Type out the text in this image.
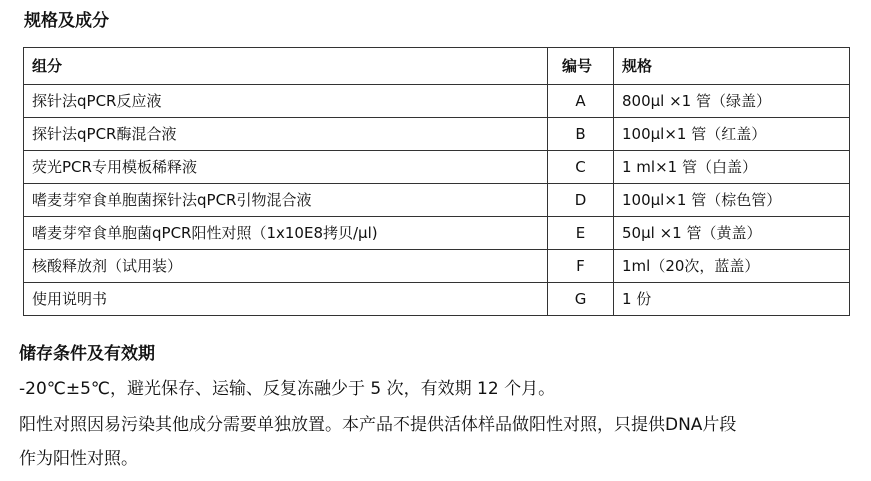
规格及成分
组分	编号	规格
探针法qPCR反应液	A	800μl ×1 管（绿盖）
探针法qPCR酶混合液	B	100μl×1 管（红盖）
荧光PCR专用模板稀释液	C	1 ml×1 管（白盖）
嗜麦芽窄食单胞菌探针法qPCR引物混合液	D	100μl×1 管（棕色管）
嗜麦芽窄食单胞菌qPCR阳性对照（1x10E8拷贝/μl)	E	50μl ×1 管（黄盖）
核酸释放剂（试用装）	F	1ml（20次，蓝盖）
使用说明书	G	1 份
储存条件及有效期
-20℃±5℃，避光保存、运输、反复冻融少于 5 次，有效期 12 个月。
阳性对照因易污染其他成分需要单独放置。本产品不提供活体样品做阳性对照，只提供DNA片段
作为阳性对照。
